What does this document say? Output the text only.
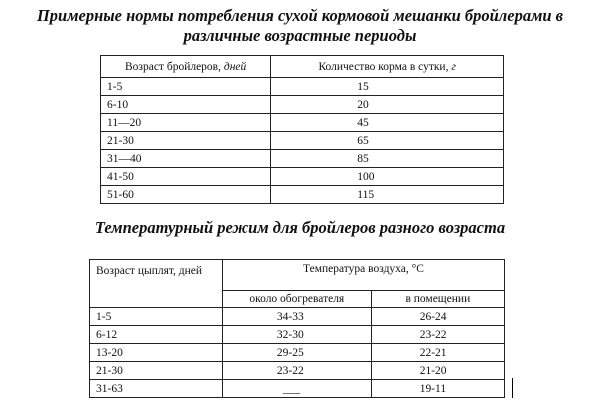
Примерные нормы потребления сухой кормовой мешанки бройлерами в
различные возрастные периоды
Возраст бройлеров, дней	Количество корма в сутки, г
1-5	15
6-10	20
11—20	45
21-30	65
31—40	85
41-50	100
51-60	115
Температурный режим для бройлеров разного возраста
Возраст цыплят, дней	Температура воздуха, °С	
	около обогревателя	в помещении
1-5	34-33	26-24
6-12	32-30	23-22
13-20	29-25	22-21
21-30	23-22	21-20
31-63	___	19-11
